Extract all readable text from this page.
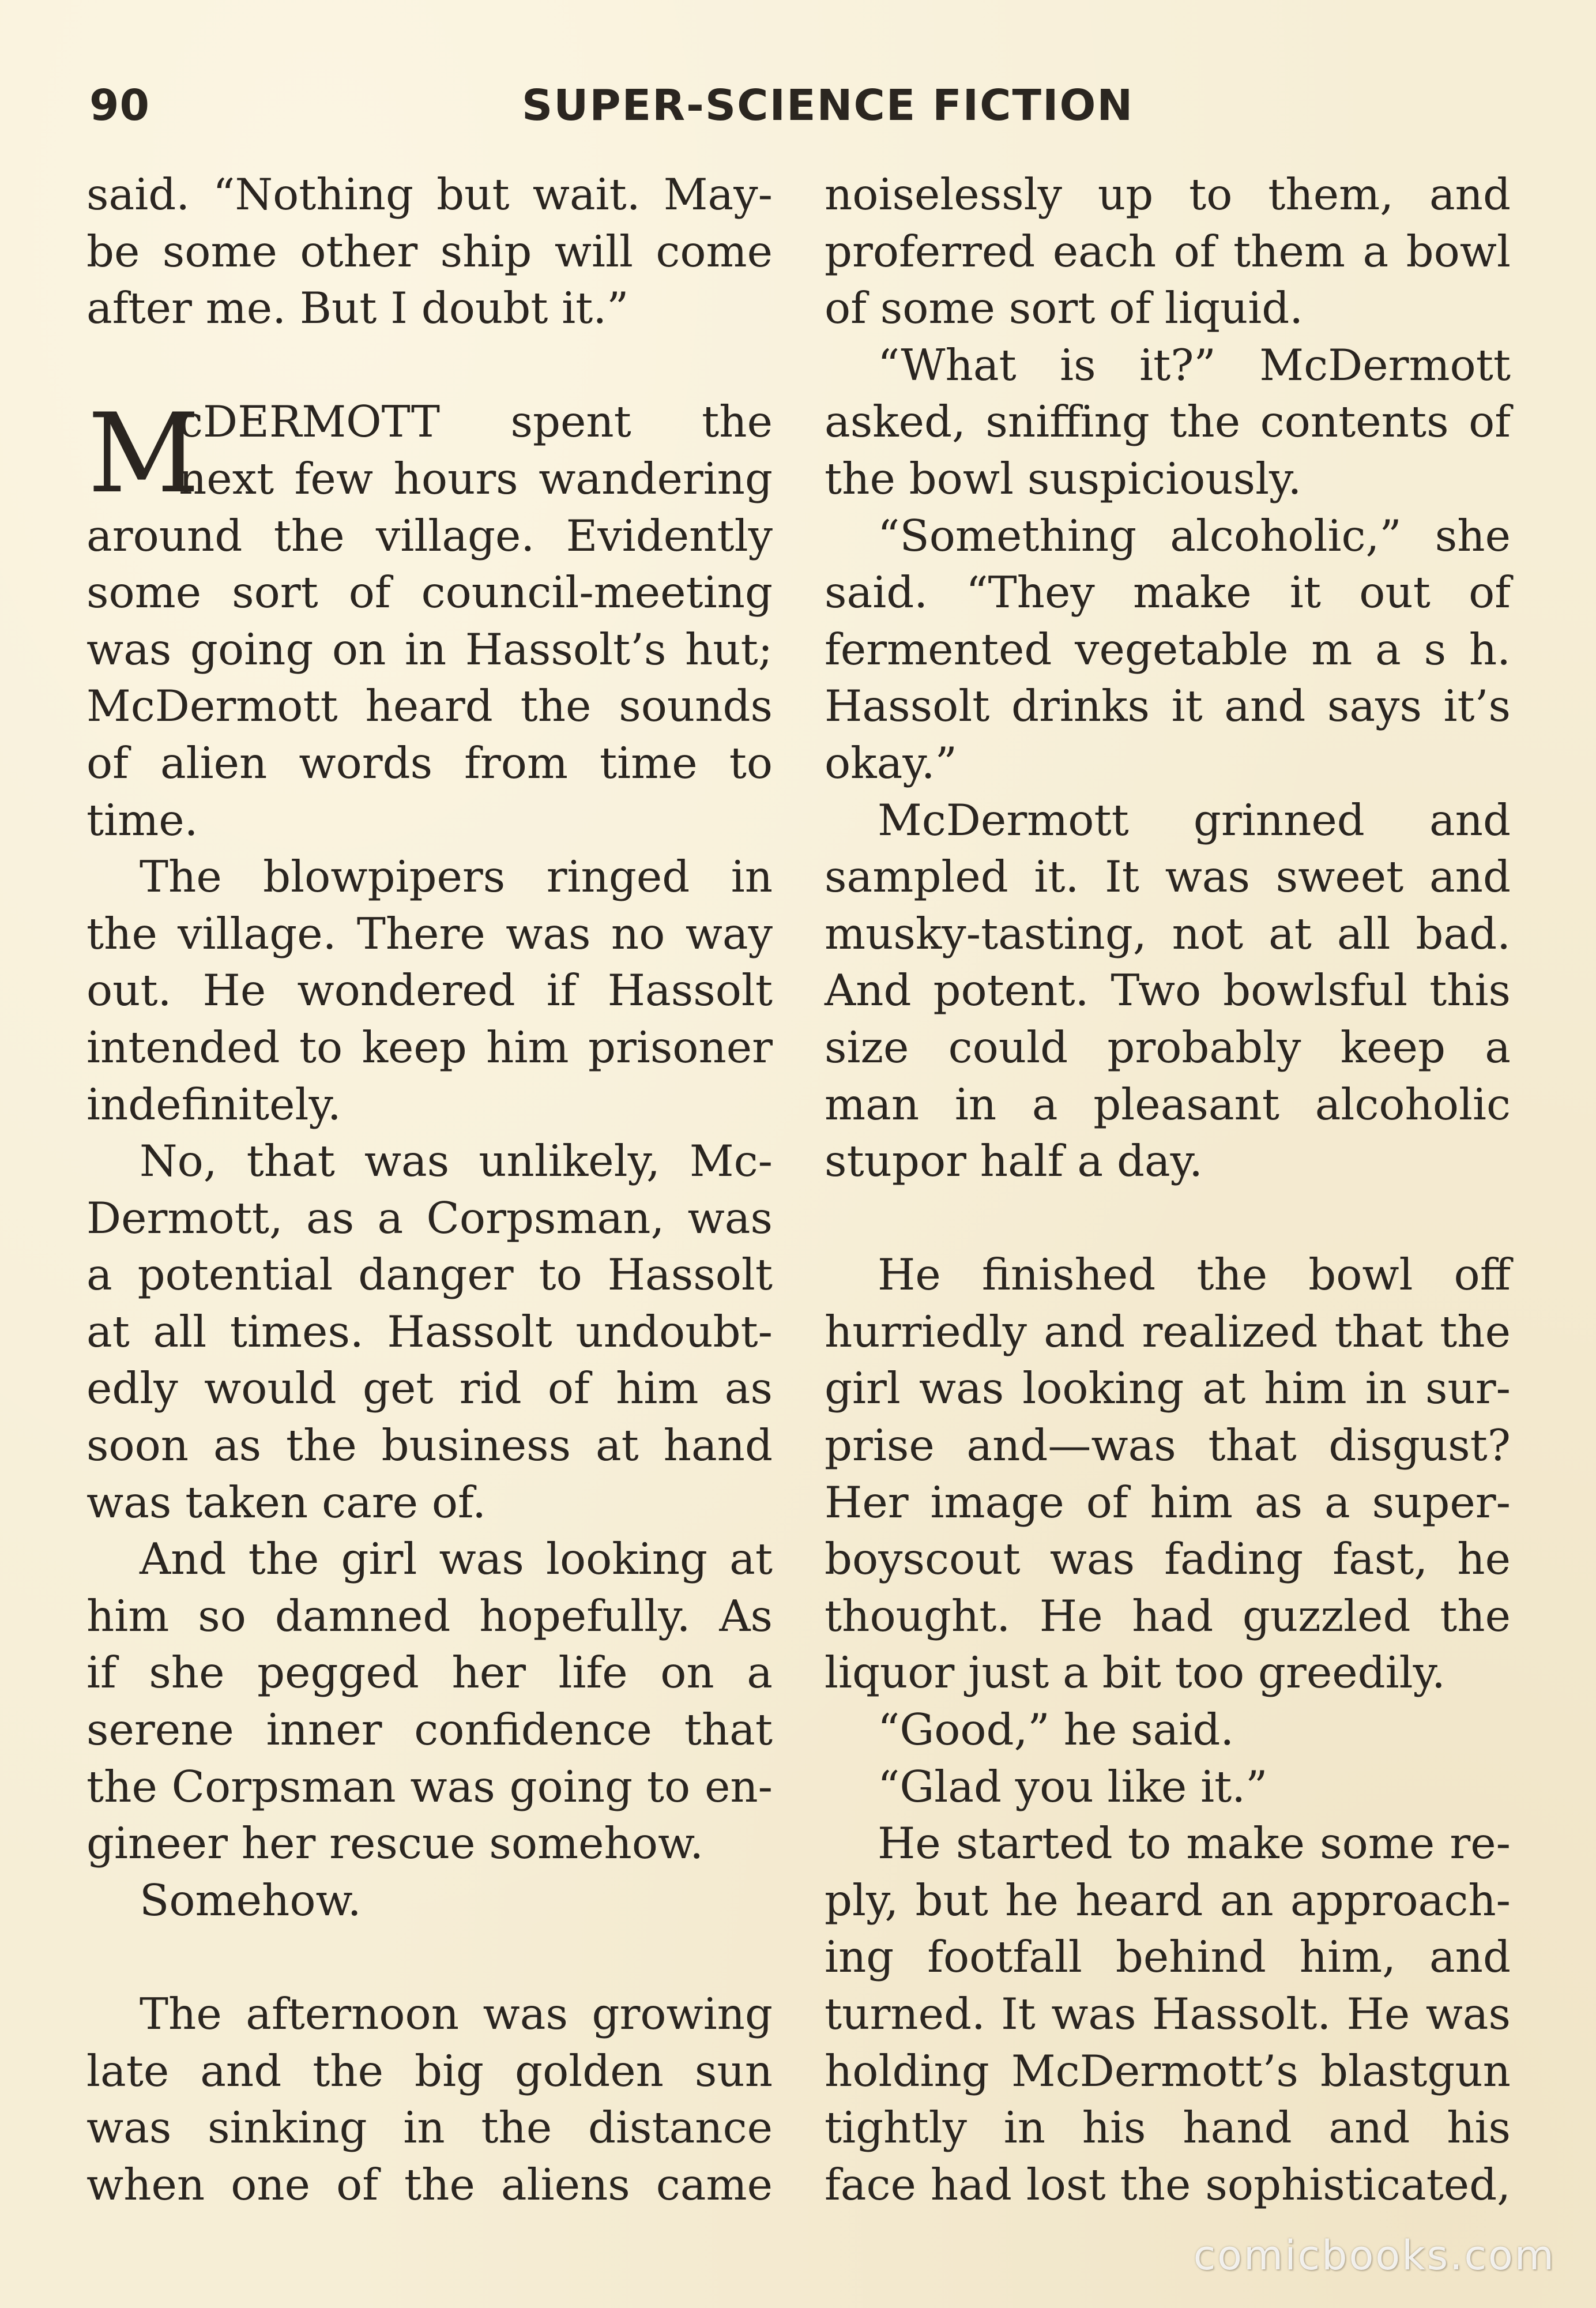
90	SUPER-SCIENCE FICTION
said. “Nothing but wait. May-
be some other ship will come
after me. But I doubt it.”
M
cDERMOTT spent the
next few hours wandering
around the village. Evidently
some sort of council-meeting
was going on in Hassolt’s hut;
McDermott heard the sounds
of alien words from time to
time.
The blowpipers ringed in
the village. There was no way
out. He wondered if Hassolt
intended to keep him prisoner
indefinitely.
No, that was unlikely, Mc-
Dermott, as a Corpsman, was
a potential danger to Hassolt
at all times. Hassolt undoubt-
edly would get rid of him as
soon as the business at hand
was taken care of.
And the girl was looking at
him so damned hopefully. As
if she pegged her life on a
serene inner confidence that
the Corpsman was going to en-
gineer her rescue somehow.
Somehow.
The afternoon was growing
late and the big golden sun
was sinking in the distance
when one of the aliens came
noiselessly up to them, and
proferred each of them a bowl
of some sort of liquid.
“What is it?” McDermott
asked, sniffing the contents of
the bowl suspiciously.
“Something alcoholic,” she
said. “They make it out of
fermented vegetable m a s h.
Hassolt drinks it and says it’s
okay.”
McDermott grinned and
sampled it. It was sweet and
musky-tasting, not at all bad.
And potent. Two bowlsful this
size could probably keep a
man in a pleasant alcoholic
stupor half a day.
He finished the bowl off
hurriedly and realized that the
girl was looking at him in sur-
prise and—was that disgust?
Her image of him as a super-
boyscout was fading fast, he
thought. He had guzzled the
liquor just a bit too greedily.
“Good,” he said.
“Glad you like it.”
He started to make some re-
ply, but he heard an approach-
ing footfall behind him, and
turned. It was Hassolt. He was
holding McDermott’s blastgun
tightly in his hand and his
face had lost the sophisticated,
comicbooks.com
